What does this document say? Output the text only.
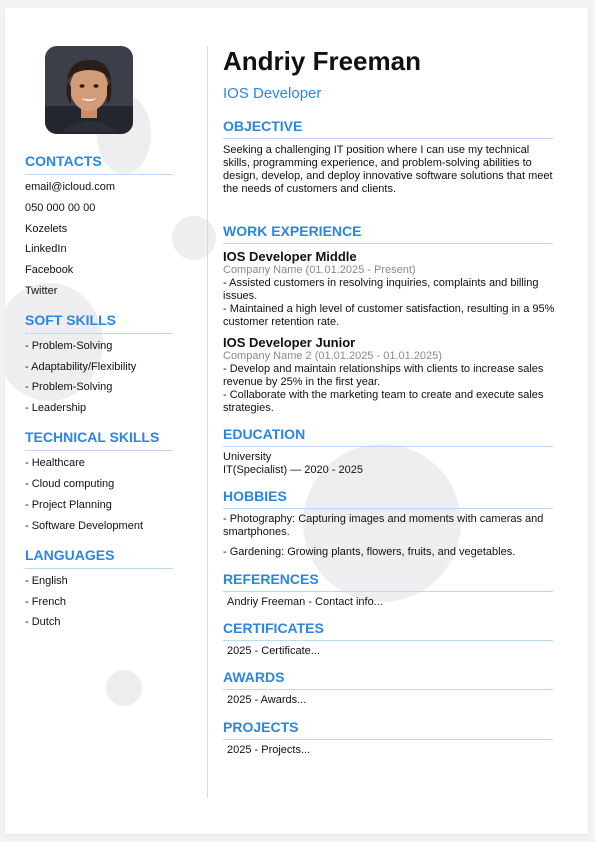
CONTACTS
email@icloud.com
050 000 00 00
Kozelets
LinkedIn
Facebook
Twitter
SOFT SKILLS
- Problem-Solving
- Adaptability/Flexibility
- Problem-Solving
- Leadership
TECHNICAL SKILLS
- Healthcare
- Cloud computing
- Project Planning
- Software Development
LANGUAGES
- English
- French
- Dutch
Andriy Freeman
IOS Developer
OBJECTIVE
Seeking a challenging IT position where I can use my technical skills, programming experience, and problem-solving abilities to design, develop, and deploy innovative software solutions that meet the needs of customers and clients.
WORK EXPERIENCE
IOS Developer Middle
Company Name (01.01.2025 - Present)
- Assisted customers in resolving inquiries, complaints and billing issues.
- Maintained a high level of customer satisfaction, resulting in a 95% customer retention rate.
IOS Developer Junior
Company Name 2 (01.01.2025 - 01.01.2025)
- Develop and maintain relationships with clients to increase sales revenue by 25% in the first year.
- Collaborate with the marketing team to create and execute sales strategies.
EDUCATION
University
IT(Specialist) — 2020 - 2025
HOBBIES
- Photography: Capturing images and moments with cameras and smartphones.
- Gardening: Growing plants, flowers, fruits, and vegetables.
REFERENCES
Andriy Freeman - Contact info...
CERTIFICATES
2025 - Certificate...
AWARDS
2025 - Awards...
PROJECTS
2025 - Projects...
